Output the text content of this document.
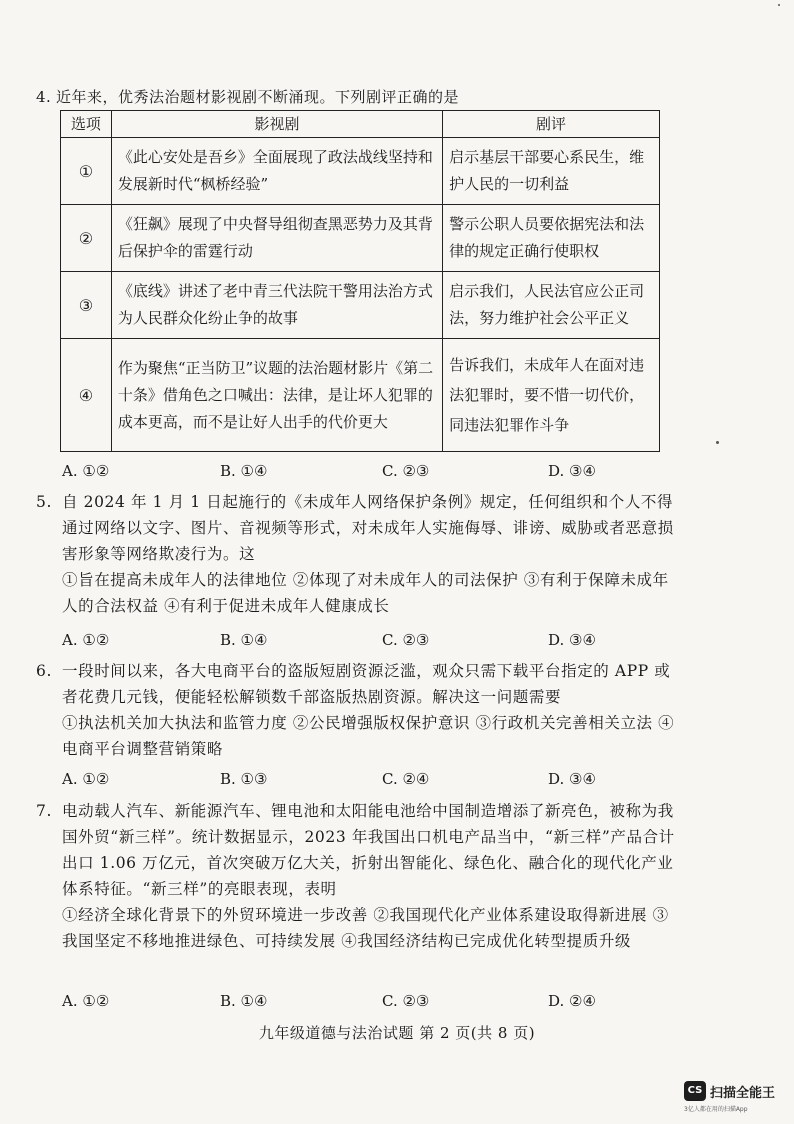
4. 近年来，优秀法治题材影视剧不断涌现。下列剧评正确的是
选项	影视剧	剧评
①	《此心安处是吾乡》全面展现了政法战线坚持和发展新时代“枫桥经验”	启示基层干部要心系民生，维护人民的一切利益
②	《狂飙》展现了中央督导组彻查黑恶势力及其背后保护伞的雷霆行动	警示公职人员要依据宪法和法律的规定正确行使职权
③	《底线》讲述了老中青三代法院干警用法治方式为人民群众化纷止争的故事	启示我们，人民法官应公正司法，努力维护社会公平正义
④	作为聚焦“正当防卫”议题的法治题材影片《第二十条》借角色之口喊出：法律，是让坏人犯罪的成本更高，而不是让好人出手的代价更大	告诉我们，未成年人在面对违法犯罪时，要不惜一切代价，同违法犯罪作斗争
A. ①②	B. ①④	C. ②③	D. ③④
5. 自 2024 年 1 月 1 日起施行的《未成年人网络保护条例》规定，任何组织和个人不得通过网络以文字、图片、音视频等形式，对未成年人实施侮辱、诽谤、威胁或者恶意损害形象等网络欺凌行为。这
①旨在提高未成年人的法律地位 ②体现了对未成年人的司法保护 ③有利于保障未成年人的合法权益 ④有利于促进未成年人健康成长
A. ①②	B. ①④	C. ②③	D. ③④
6. 一段时间以来，各大电商平台的盗版短剧资源泛滥，观众只需下载平台指定的 APP 或者花费几元钱，便能轻松解锁数千部盗版热剧资源。解决这一问题需要
①执法机关加大执法和监管力度 ②公民增强版权保护意识 ③行政机关完善相关立法 ④电商平台调整营销策略
A. ①②	B. ①③	C. ②④	D. ③④
7. 电动载人汽车、新能源汽车、锂电池和太阳能电池给中国制造增添了新亮色，被称为我国外贸“新三样”。统计数据显示，2023 年我国出口机电产品当中，“新三样”产品合计出口 1.06 万亿元，首次突破万亿大关，折射出智能化、绿色化、融合化的现代化产业体系特征。“新三样”的亮眼表现，表明
①经济全球化背景下的外贸环境进一步改善 ②我国现代化产业体系建设取得新进展 ③我国坚定不移地推进绿色、可持续发展 ④我国经济结构已完成优化转型提质升级
A. ①②	B. ①④	C. ②③	D. ②④
九年级道德与法治试题 第 2 页(共 8 页)
CS 扫描全能王
3亿人都在用的扫描App
